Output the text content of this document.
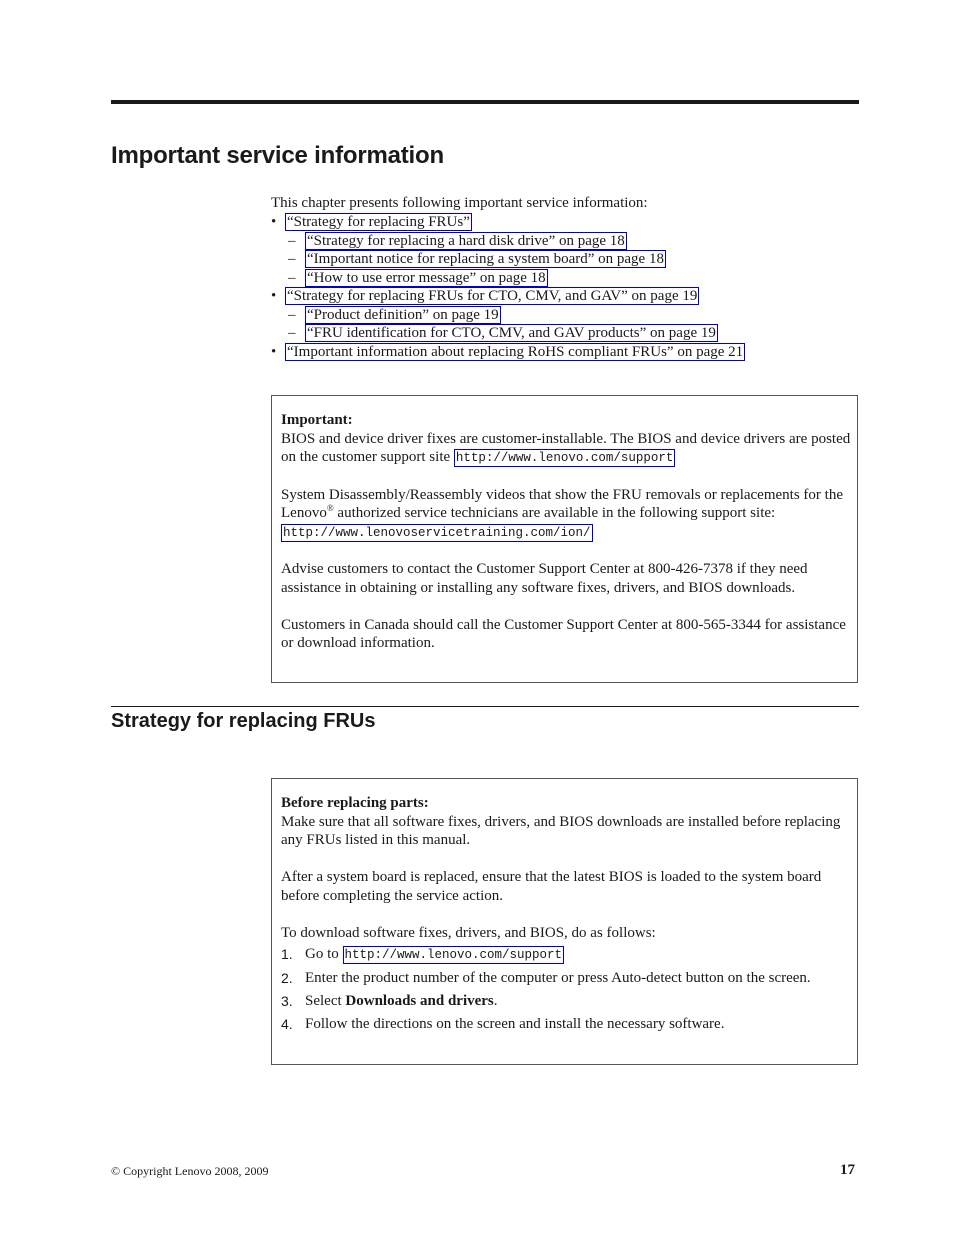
Important service information

This chapter presents following important service information:

• “Strategy for replacing FRUs”
– “Strategy for replacing a hard disk drive” on page 18
– “Important notice for replacing a system board” on page 18
– “How to use error message” on page 18
• “Strategy for replacing FRUs for CTO, CMV, and GAV” on page 19
– “Product definition” on page 19
– “FRU identification for CTO, CMV, and GAV products” on page 19
• “Important information about replacing RoHS compliant FRUs” on page 21
Important:

BIOS and device driver fixes are customer-installable. The BIOS and device drivers are posted on the customer support site http://www.lenovo.com/support

System Disassembly/Reassembly videos that show the FRU removals or replacements for the Lenovo® authorized service technicians are available in the following support site: http://www.lenovoservicetraining.com/ion/

Advise customers to contact the Customer Support Center at 800-426-7378 if they need assistance in obtaining or installing any software fixes, drivers, and BIOS downloads.

Customers in Canada should call the Customer Support Center at 800-565-3344 for assistance or download information.

Strategy for replacing FRUs
Before replacing parts:

Make sure that all software fixes, drivers, and BIOS downloads are installed before replacing any FRUs listed in this manual.

After a system board is replaced, ensure that the latest BIOS is loaded to the system board before completing the service action.

To download software fixes, drivers, and BIOS, do as follows:

1. Go to http://www.lenovo.com/support
2. Enter the product number of the computer or press Auto-detect button on the screen.
3. Select Downloads and drivers.
4. Follow the directions on the screen and install the necessary software.
© Copyright Lenovo 2008, 2009	17
